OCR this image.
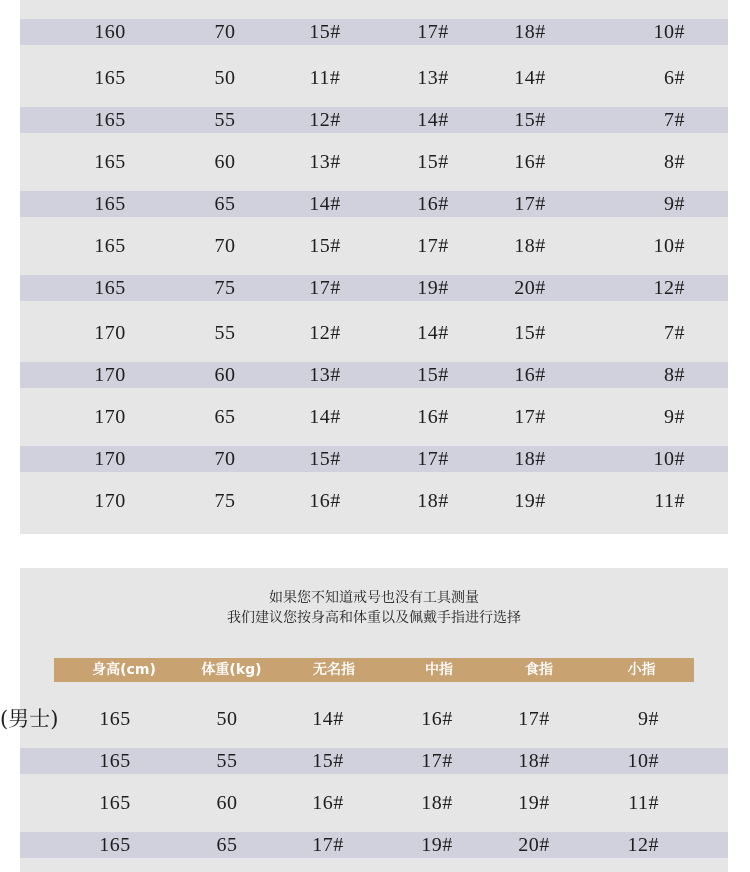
160	70	15#	17#	18#	10#
165	50	11#	13#	14#	6#
165	55	12#	14#	15#	7#
165	60	13#	15#	16#	8#
165	65	14#	16#	17#	9#
165	70	15#	17#	18#	10#
165	75	17#	19#	20#	12#
170	55	12#	14#	15#	7#
170	60	13#	15#	16#	8#
170	65	14#	16#	17#	9#
170	70	15#	17#	18#	10#
170	75	16#	18#	19#	11#
如果您不知道戒号也没有工具测量
我们建议您按身高和体重以及佩戴手指进行选择
身高(cm)	体重(kg)	无名指	中指	食指	小指
(男士)	165	50	14#	16#	17#	9#
165	55	15#	17#	18#	10#
165	60	16#	18#	19#	11#
165	65	17#	19#	20#	12#
